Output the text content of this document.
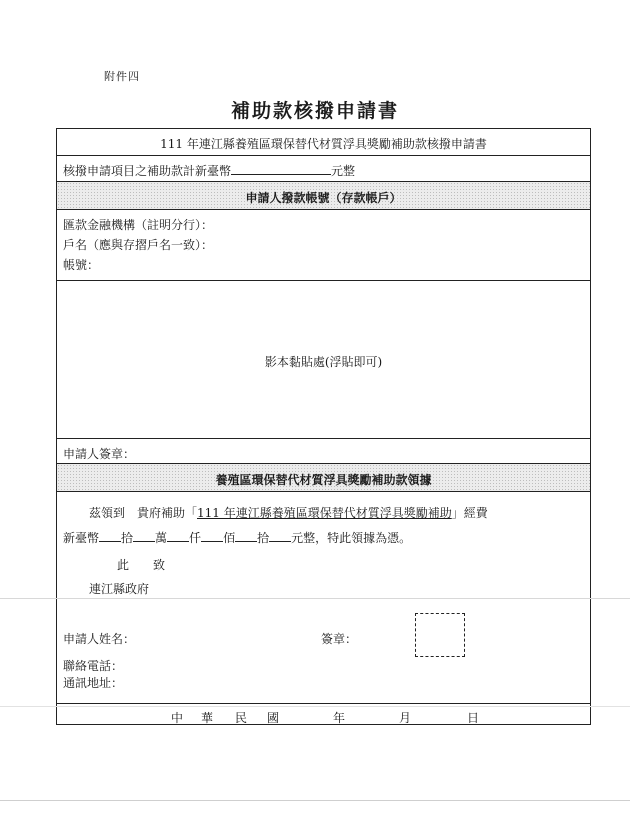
附件四
補助款核撥申請書
111 年連江縣養殖區環保替代材質浮具獎勵補助款核撥申請書
核撥申請項目之補助款計新臺幣	元整
申請人撥款帳號（存款帳戶）
匯款金融機構（註明分行）：
戶名（應與存摺戶名一致）：
帳號：
影本黏貼處(浮貼即可)
申請人簽章：
養殖區環保替代材質浮具獎勵補助款領據
茲領到　貴府補助「111 年連江縣養殖區環保替代材質浮具獎勵補助」經費
新臺幣 拾 萬 仟 佰 拾 元整，特此領據為憑。
此　　致
連江縣政府
申請人姓名：	簽章：
聯絡電話：
通訊地址：
中 華 民 國	年	月	日
